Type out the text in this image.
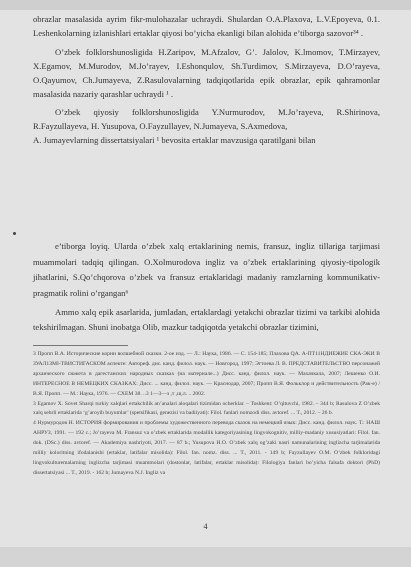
obrazlar masalasida ayrim fikr-mulohazalar uchraydi. Shulardan O.A.Plaxova, L.V.Epoyeva, 0.1. Leshenkolarning izlanishlari ertaklar qiyosi bo’yicha ekanligi bilan alohida e’tiborga sazovor³⁴ .

O’zbek folklorshunosligida H.Zaripov, M.Afzalov, G’. Jalolov, K.lmomov, T.Mirzayev, X.Egamov, M.Murodov, M.Jo’rayev, I.Eshonqulov, Sh.Turdimov, S.Mirzayeva, D.O’rayeva, O.Qayumov, Ch.Jumayeva, Z.Rasulovalarning tadqiqotlarida epik obrazlar, epik qahramonlar masalasida nazariy qarashlar uchraydi ¹ .

O’zbek qiyosiy folklorshunosligida Y.Nurmurodov, M.Jo’rayeva, R.Shirinova, R.Fayzullayeva, H. Yusupova, O.Fayzullayev, N.Jumayeva, S.Axmedova,

A. Jumayevlarning dissertatsiyalari ¹ bevosita ertaklar mavzusiga qaratilgani bilan

e’tiborga loyiq. Ularda o’zbek xalq ertaklarining nemis, fransuz, ingliz tillariga tarjimasi muammolari tadqiq qilingan. O.Xolmurodova ingliz va o’zbek ertaklarining qiyosiy-tipologik jihatlarini, S.Qo’chqorova o’zbek va fransuz ertaklaridagi madaniy ramzlarning kommunikativ-pragmatik rolini o’rgangan⁶

Ammo xalq epik asarlarida, jumladan, ertaklardagi yetakchi obrazlar tizimi va tarkibi alohida tekshirilmagan. Shuni inobatga Olib, mazkur tadqiqotda yetakchi obrazlar tizimini,

3 Пропп В.А. Исторические корни волшебной сказки. 2-ое изд. — Л.: Наука, 1986. — С. 154-185; Плахова QA. А-ПТ11НДИЕЖИЕ СКА-ЭКИ В ЗУАЛ1ЗМI-ТВИСТИГАСКОМ аспекте: Автореф. дис. канд. филол. наук. — Новгород, 1997; Эгтоева Л. В. ПРЕДСТАВИТЕЛЬСТВО персонажей архаического сюжета в дагестанских народных сказках (на материале...) Дисс. канд. филол. наук. — Махачкала, 2007; Лешенко О.И. ИНТЕРЕСНОЕ В НЕМЕЦКИХ СКАЗКАХ: Дисс. ... канд. филол. наук. — Краснодар, 2007; Пропп В.Я. Фольклор и действительность (Рак-е) / В.Я. Пропп. — М.: Наука, 1976. — СХЕМ 38. ..3 1—3—з ,т ,щ.л. .. 2002.

3 Egamov X. Sovet Sharqi turkiy xalqlari ertakchilik an’analari aloqalari tizimidan ocherklar. – Toshkent: O’qituvchi, 1982. – 344 b; Rasulova Z O’zbek xalq sehrli ertaklarida ‘g’aroyib buyumlar’ (spetsifikasi, genezisi va badiiyati): Filol. fanlari nomzodi diss. avtoref. ... T., 2012. – 26 b.

4 Нурмуродов Н. ИСТОРИЯ формирования и проблемы художественного перевода сказок на немецкий язык: Дисс. канд. филол. наук. Т.: НАШ АНРУЗ, 1991. — 192 с.; Jo’rayeva M. Fransuz va o’zbek ertaklarida modallik kategoriyasining lingvokognitiv, milliy-madaniy xususiyatlari: Filol. fan. dok. (DSc.) diss. avtoref. — Akademiya nashriyoti, 2017. — 87 b.; Yusupova H.O. O’zbek xalq og’zaki nasri namunalarining inglizcha tarjimalarida milliy koloritning ifodalanishi (ertaklar, latifalar misolida): Filol. fan. nomz. diss. ... T., 2011. - 149 b; Fayzullayev O.M. O’zbek folkloridagi lingvokulturemalarning inglizcha tarjimasi muammolari (dostonlar, latifalar, ertaklar misolida): Filologiya fanlari bo’yicha falsafa doktori (PhD) dissertatsiyasi ... T., 2019. - 162 b; Jumayeva N.J. Ingliz va

4
